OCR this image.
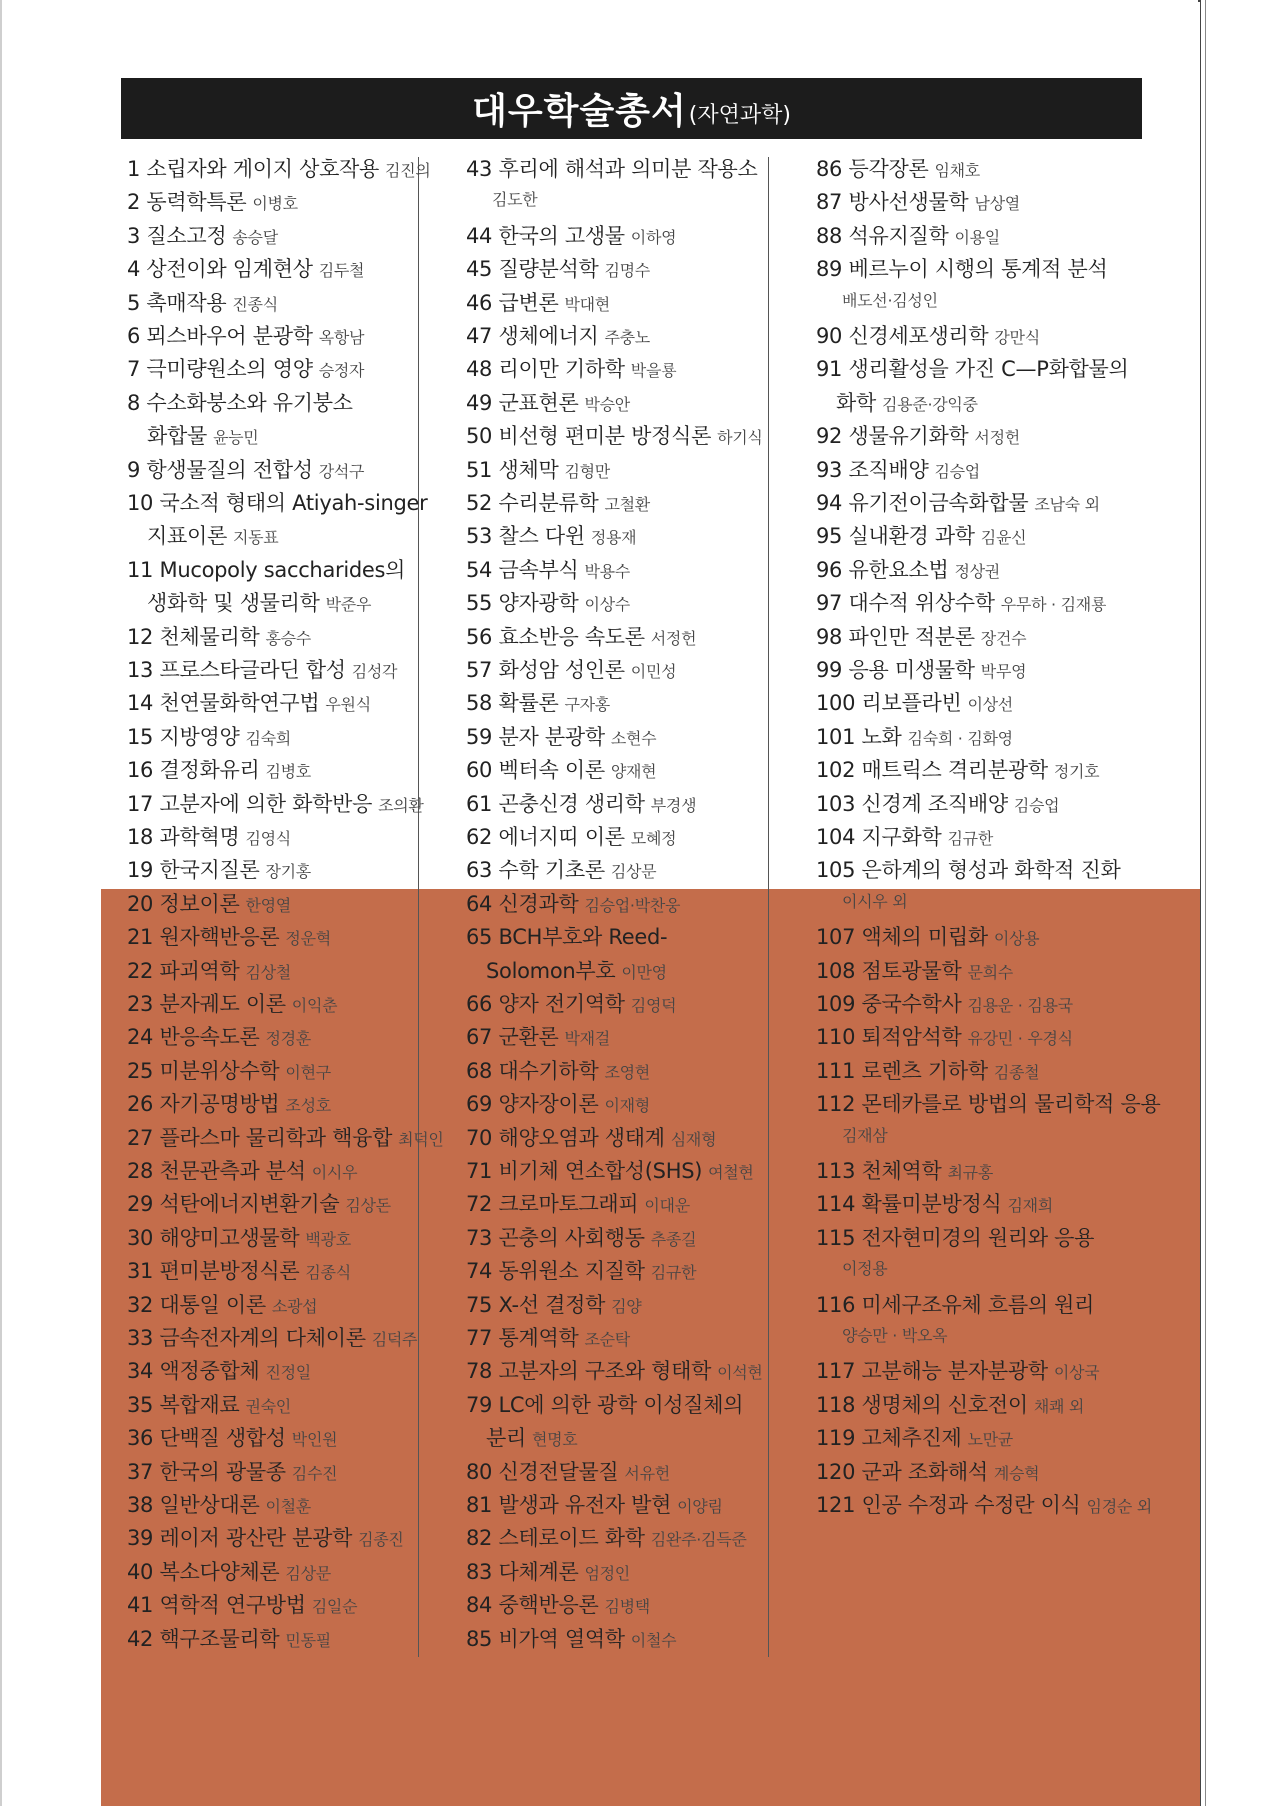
대우학술총서 (자연과학)
1 소립자와 게이지 상호작용 김진의
2 동력학특론 이병호
3 질소고정 송승달
4 상전이와 임계현상 김두철
5 촉매작용 진종식
6 뫼스바우어 분광학 옥항남
7 극미량원소의 영양 승정자
8 수소화붕소와 유기붕소
화합물 윤능민
9 항생물질의 전합성 강석구
10 국소적 형태의 Atiyah-singer
지표이론 지동표
11 Mucopoly saccharides의
생화학 및 생물리학 박준우
12 천체물리학 홍승수
13 프로스타글라딘 합성 김성각
14 천연물화학연구법 우원식
15 지방영양 김숙희
16 결정화유리 김병호
17 고분자에 의한 화학반응 조의환
18 과학혁명 김영식
19 한국지질론 장기홍
20 정보이론 한영열
21 원자핵반응론 정운혁
22 파괴역학 김상철
23 분자궤도 이론 이익춘
24 반응속도론 정경훈
25 미분위상수학 이현구
26 자기공명방법 조성호
27 플라스마 물리학과 핵융합 최덕인
28 천문관측과 분석 이시우
29 석탄에너지변환기술 김상돈
30 해양미고생물학 백광호
31 편미분방정식론 김종식
32 대통일 이론 소광섭
33 금속전자계의 다체이론 김덕주
34 액정중합체 진정일
35 복합재료 권숙인
36 단백질 생합성 박인원
37 한국의 광물종 김수진
38 일반상대론 이철훈
39 레이저 광산란 분광학 김종진
40 복소다양체론 김상문
41 역학적 연구방법 김일순
42 핵구조물리학 민동필
43 후리에 해석과 의미분 작용소
김도한
44 한국의 고생물 이하영
45 질량분석학 김명수
46 급변론 박대현
47 생체에너지 주충노
48 리이만 기하학 박을룡
49 군표현론 박승안
50 비선형 편미분 방정식론 하기식
51 생체막 김형만
52 수리분류학 고철환
53 찰스 다윈 정용재
54 금속부식 박용수
55 양자광학 이상수
56 효소반응 속도론 서정헌
57 화성암 성인론 이민성
58 확률론 구자홍
59 분자 분광학 소현수
60 벡터속 이론 양재현
61 곤충신경 생리학 부경생
62 에너지띠 이론 모혜정
63 수학 기초론 김상문
64 신경과학 김승업·박찬웅
65 BCH부호와 Reed-
Solomon부호 이만영
66 양자 전기역학 김영덕
67 군환론 박재걸
68 대수기하학 조영현
69 양자장이론 이재형
70 해양오염과 생태계 심재형
71 비기체 연소합성(SHS) 여철현
72 크로마토그래피 이대운
73 곤충의 사회행동 추종길
74 동위원소 지질학 김규한
75 X-선 결정학 김양
77 통계역학 조순탁
78 고분자의 구조와 형태학 이석현
79 LC에 의한 광학 이성질체의
분리 현명호
80 신경전달물질 서유헌
81 발생과 유전자 발현 이양림
82 스테로이드 화학 김완주·김득준
83 다체계론 엄정인
84 중핵반응론 김병택
85 비가역 열역학 이철수
86 등각장론 임채호
87 방사선생물학 남상열
88 석유지질학 이용일
89 베르누이 시행의 통계적 분석
배도선·김성인
90 신경세포생리학 강만식
91 생리활성을 가진 C—P화합물의
화학 김용준·강익중
92 생물유기화학 서정헌
93 조직배양 김승업
94 유기전이금속화합물 조남숙 외
95 실내환경 과학 김윤신
96 유한요소법 정상권
97 대수적 위상수학 우무하 · 김재룡
98 파인만 적분론 장건수
99 응용 미생물학 박무영
100 리보플라빈 이상선
101 노화 김숙희 · 김화영
102 매트릭스 격리분광학 정기호
103 신경계 조직배양 김승업
104 지구화학 김규한
105 은하계의 형성과 화학적 진화
이시우 외
107 액체의 미립화 이상용
108 점토광물학 문희수
109 중국수학사 김용운 · 김용국
110 퇴적암석학 유강민 · 우경식
111 로렌츠 기하학 김종철
112 몬테카를로 방법의 물리학적 응용
김재삼
113 천체역학 최규홍
114 확률미분방정식 김재희
115 전자현미경의 원리와 응용
이정용
116 미세구조유체 흐름의 원리
양승만 · 박오옥
117 고분해능 분자분광학 이상국
118 생명체의 신호전이 채쾌 외
119 고체추진제 노만균
120 군과 조화해석 계승혁
121 인공 수정과 수정란 이식 임경순 외
